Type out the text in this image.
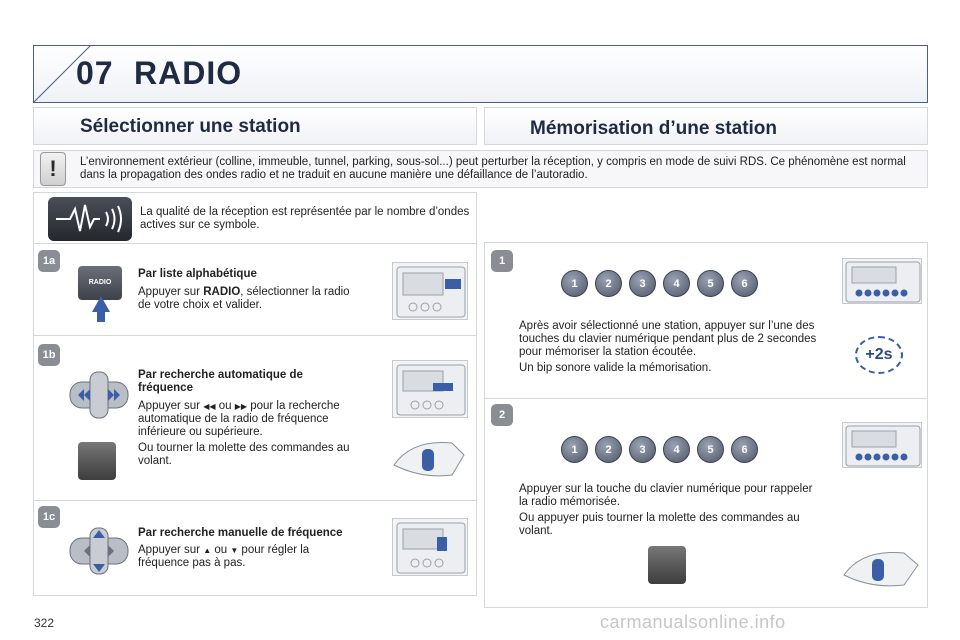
07 RADIO
Sélectionner une station	Mémorisation d’une station
!	L’environnement extérieur (colline, immeuble, tunnel, parking, sous-sol...) peut perturber la réception, y compris en mode de suivi RDS. Ce phénomène est normal dans la propagation des ondes radio et ne traduit en aucune manière une défaillance de l’autoradio.
La qualité de la réception est représentée par le nombre d’ondes actives sur ce symbole.
1a
RADIO
Par liste alphabétique
Appuyer sur RADIO, sélectionner la radio de votre choix et valider.
1b
Par recherche automatique de fréquence
Appuyer sur ◀◀ ou ▶▶ pour la recherche automatique de la radio de fréquence inférieure ou supérieure.
Ou tourner la molette des commandes au volant.
1c
Par recherche manuelle de fréquence
Appuyer sur ▲ ou ▼ pour régler la fréquence pas à pas.
1
1	2	3	4	5	6
Après avoir sélectionné une station, appuyer sur l’une des touches du clavier numérique pendant plus de 2 secondes pour mémoriser la station écoutée.
Un bip sonore valide la mémorisation.
+2s
2
1	2	3	4	5	6
Appuyer sur la touche du clavier numérique pour rappeler la radio mémorisée.
Ou appuyer puis tourner la molette des commandes au volant.
322	carmanualsonline.info
